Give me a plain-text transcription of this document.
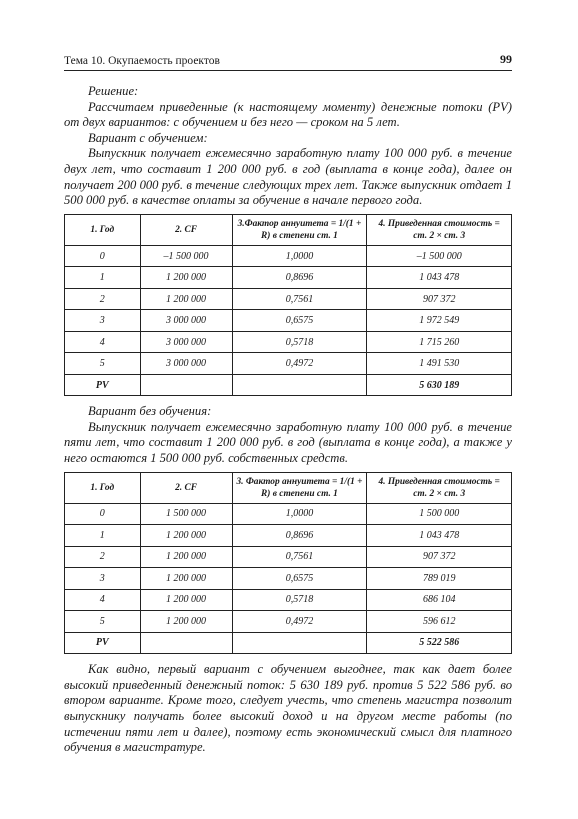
Тема 10. Окупаемость проектов	99

Решение:

Рассчитаем приведенные (к настоящему моменту) денежные потоки (PV) от двух вариантов: с обучением и без него — сроком на 5 лет.

Вариант с обучением:

Выпускник получает ежемесячно заработную плату 100 000 руб. в течение двух лет, что составит 1 200 000 руб. в год (выплата в конце года), далее он получает 200 000 руб. в течение следующих трех лет. Также выпускник отдает 1 500 000 руб. в качестве оплаты за обучение в начале первого года.

1. Год	2. CF	3.Фактор аннуитета = 1/(1 + R) в степени ст. 1	4. Приведенная стоимость = ст. 2 × ст. 3
0	–1 500 000	1,0000	–1 500 000
1	1 200 000	0,8696	1 043 478
2	1 200 000	0,7561	907 372
3	3 000 000	0,6575	1 972 549
4	3 000 000	0,5718	1 715 260
5	3 000 000	0,4972	1 491 530
PV			5 630 189

Вариант без обучения:

Выпускник получает ежемесячно заработную плату 100 000 руб. в течение пяти лет, что составит 1 200 000 руб. в год (выплата в конце года), а также у него остаются 1 500 000 руб. собственных средств.

1. Год	2. CF	3. Фактор аннуитета = 1/(1 + R) в степени ст. 1	4. Приведенная стоимость = ст. 2 × ст. 3
0	1 500 000	1,0000	1 500 000
1	1 200 000	0,8696	1 043 478
2	1 200 000	0,7561	907 372
3	1 200 000	0,6575	789 019
4	1 200 000	0,5718	686 104
5	1 200 000	0,4972	596 612
PV			5 522 586

Как видно, первый вариант с обучением выгоднее, так как дает более высокий приведенный денежный поток: 5 630 189 руб. против 5 522 586 руб. во втором варианте. Кроме того, следует учесть, что степень магистра позволит выпускнику получать более высокий доход и на другом месте работы (по истечении пяти лет и далее), поэтому есть экономический смысл для платного обучения в магистратуре.
